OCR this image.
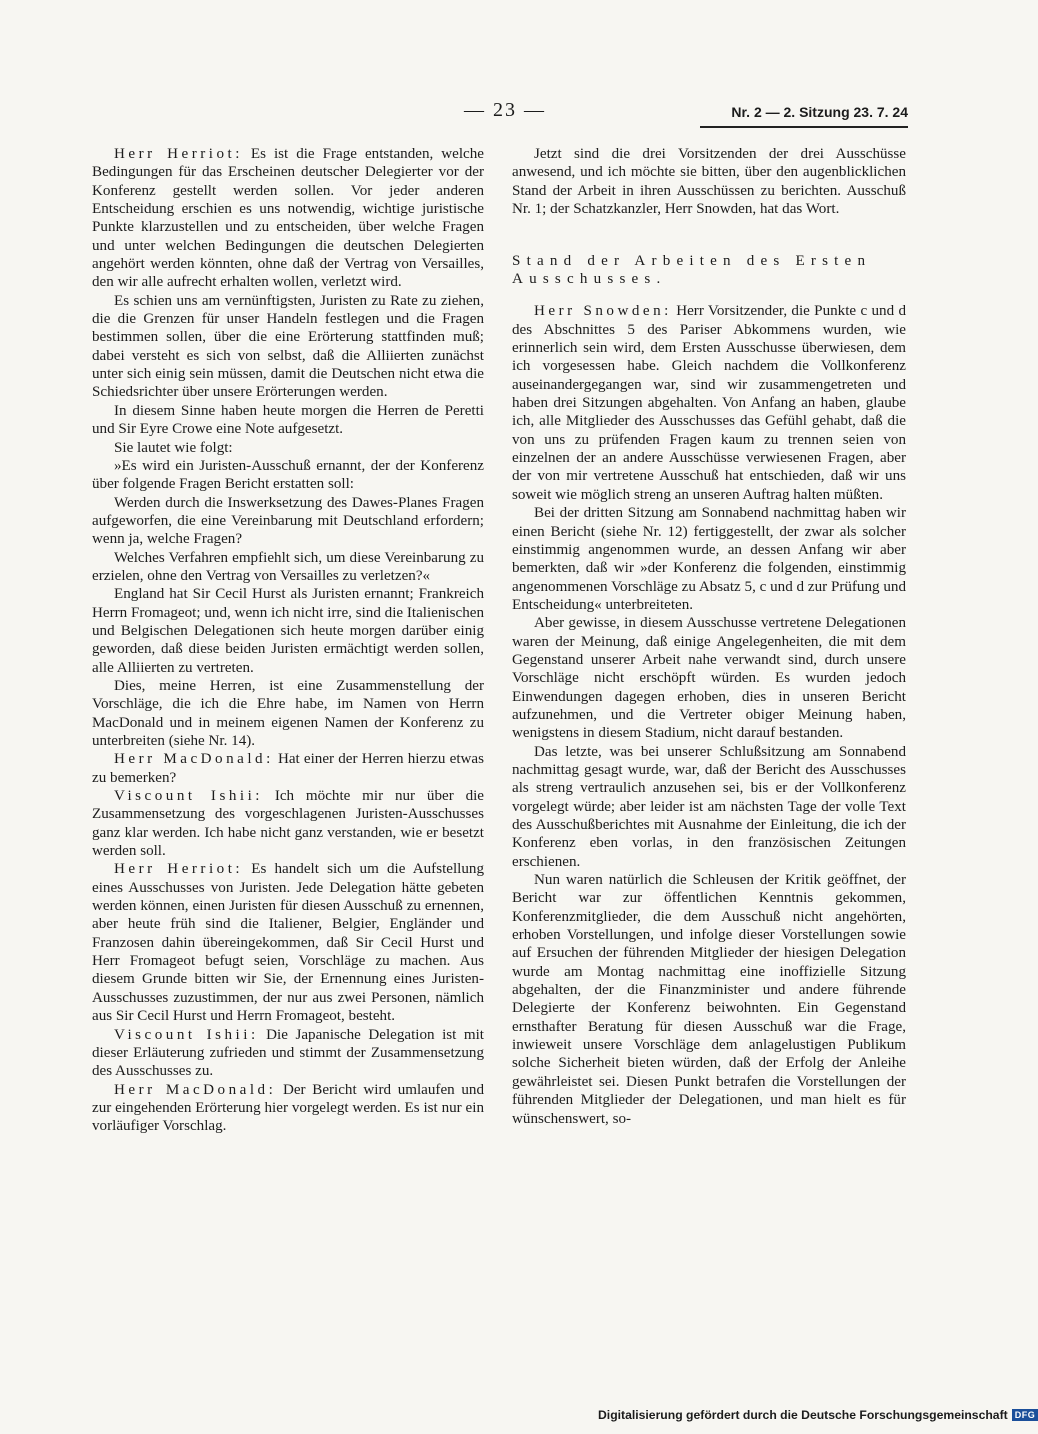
— 23 —	Nr. 2 — 2. Sitzung 23. 7. 24

Herr Herriot: Es ist die Frage entstanden, welche Bedingungen für das Erscheinen deutscher Delegierter vor der Konferenz gestellt werden sollen. Vor jeder anderen Entscheidung erschien es uns notwendig, wichtige juristische Punkte klarzustellen und zu entscheiden, über welche Fragen und unter welchen Bedingungen die deutschen Delegierten angehört werden könnten, ohne daß der Vertrag von Versailles, den wir alle aufrecht erhalten wollen, verletzt wird.

Es schien uns am vernünftigsten, Juristen zu Rate zu ziehen, die die Grenzen für unser Handeln festlegen und die Fragen bestimmen sollen, über die eine Erörterung stattfinden muß; dabei versteht es sich von selbst, daß die Alliierten zunächst unter sich einig sein müssen, damit die Deutschen nicht etwa die Schiedsrichter über unsere Erörterungen werden.

In diesem Sinne haben heute morgen die Herren de Peretti und Sir Eyre Crowe eine Note aufgesetzt.

Sie lautet wie folgt:

»Es wird ein Juristen-Ausschuß ernannt, der der Konferenz über folgende Fragen Bericht erstatten soll:

Werden durch die Inswerksetzung des Dawes-Planes Fragen aufgeworfen, die eine Vereinbarung mit Deutschland erfordern; wenn ja, welche Fragen?

Welches Verfahren empfiehlt sich, um diese Vereinbarung zu erzielen, ohne den Vertrag von Versailles zu verletzen?«

England hat Sir Cecil Hurst als Juristen ernannt; Frankreich Herrn Fromageot; und, wenn ich nicht irre, sind die Italienischen und Belgischen Delegationen sich heute morgen darüber einig geworden, daß diese beiden Juristen ermächtigt werden sollen, alle Alliierten zu vertreten.

Dies, meine Herren, ist eine Zusammenstellung der Vorschläge, die ich die Ehre habe, im Namen von Herrn MacDonald und in meinem eigenen Namen der Konferenz zu unterbreiten (siehe Nr. 14).

Herr MacDonald: Hat einer der Herren hierzu etwas zu bemerken?

Viscount Ishii: Ich möchte mir nur über die Zusammensetzung des vorgeschlagenen Juristen-Ausschusses ganz klar werden. Ich habe nicht ganz verstanden, wie er besetzt werden soll.

Herr Herriot: Es handelt sich um die Aufstellung eines Ausschusses von Juristen. Jede Delegation hätte gebeten werden können, einen Juristen für diesen Ausschuß zu ernennen, aber heute früh sind die Italiener, Belgier, Engländer und Franzosen dahin übereingekommen, daß Sir Cecil Hurst und Herr Fromageot befugt seien, Vorschläge zu machen. Aus diesem Grunde bitten wir Sie, der Ernennung eines Juristen-Ausschusses zuzustimmen, der nur aus zwei Personen, nämlich aus Sir Cecil Hurst und Herrn Fromageot, besteht.

Viscount Ishii: Die Japanische Delegation ist mit dieser Erläuterung zufrieden und stimmt der Zusammensetzung des Ausschusses zu.

Herr MacDonald: Der Bericht wird umlaufen und zur eingehenden Erörterung hier vorgelegt werden. Es ist nur ein vorläufiger Vorschlag.

Jetzt sind die drei Vorsitzenden der drei Ausschüsse anwesend, und ich möchte sie bitten, über den augenblicklichen Stand der Arbeit in ihren Ausschüssen zu berichten. Ausschuß Nr. 1; der Schatzkanzler, Herr Snowden, hat das Wort.

Stand der Arbeiten des Ersten Ausschusses.

Herr Snowden: Herr Vorsitzender, die Punkte c und d des Abschnittes 5 des Pariser Abkommens wurden, wie erinnerlich sein wird, dem Ersten Ausschusse überwiesen, dem ich vorgesessen habe. Gleich nachdem die Vollkonferenz auseinandergegangen war, sind wir zusammengetreten und haben drei Sitzungen abgehalten. Von Anfang an haben, glaube ich, alle Mitglieder des Ausschusses das Gefühl gehabt, daß die von uns zu prüfenden Fragen kaum zu trennen seien von einzelnen der an andere Ausschüsse verwiesenen Fragen, aber der von mir vertretene Ausschuß hat entschieden, daß wir uns soweit wie möglich streng an unseren Auftrag halten müßten.

Bei der dritten Sitzung am Sonnabend nachmittag haben wir einen Bericht (siehe Nr. 12) fertiggestellt, der zwar als solcher einstimmig angenommen wurde, an dessen Anfang wir aber bemerkten, daß wir »der Konferenz die folgenden, einstimmig angenommenen Vorschläge zu Absatz 5, c und d zur Prüfung und Entscheidung« unterbreiteten.

Aber gewisse, in diesem Ausschusse vertretene Delegationen waren der Meinung, daß einige Angelegenheiten, die mit dem Gegenstand unserer Arbeit nahe verwandt sind, durch unsere Vorschläge nicht erschöpft würden. Es wurden jedoch Einwendungen dagegen erhoben, dies in unseren Bericht aufzunehmen, und die Vertreter obiger Meinung haben, wenigstens in diesem Stadium, nicht darauf bestanden.

Das letzte, was bei unserer Schlußsitzung am Sonnabend nachmittag gesagt wurde, war, daß der Bericht des Ausschusses als streng vertraulich anzusehen sei, bis er der Vollkonferenz vorgelegt würde; aber leider ist am nächsten Tage der volle Text des Ausschußberichtes mit Ausnahme der Einleitung, die ich der Konferenz eben vorlas, in den französischen Zeitungen erschienen.

Nun waren natürlich die Schleusen der Kritik geöffnet, der Bericht war zur öffentlichen Kenntnis gekommen, Konferenzmitglieder, die dem Ausschuß nicht angehörten, erhoben Vorstellungen, und infolge dieser Vorstellungen sowie auf Ersuchen der führenden Mitglieder der hiesigen Delegation wurde am Montag nachmittag eine inoffizielle Sitzung abgehalten, der die Finanzminister und andere führende Delegierte der Konferenz beiwohnten. Ein Gegenstand ernsthafter Beratung für diesen Ausschuß war die Frage, inwieweit unsere Vorschläge dem anlagelustigen Publikum solche Sicherheit bieten würden, daß der Erfolg der Anleihe gewährleistet sei. Diesen Punkt betrafen die Vorstellungen der führenden Mitglieder der Delegationen, und man hielt es für wünschenswert, so-

Digitalisierung gefördert durch die Deutsche Forschungsgemeinschaft DFG
